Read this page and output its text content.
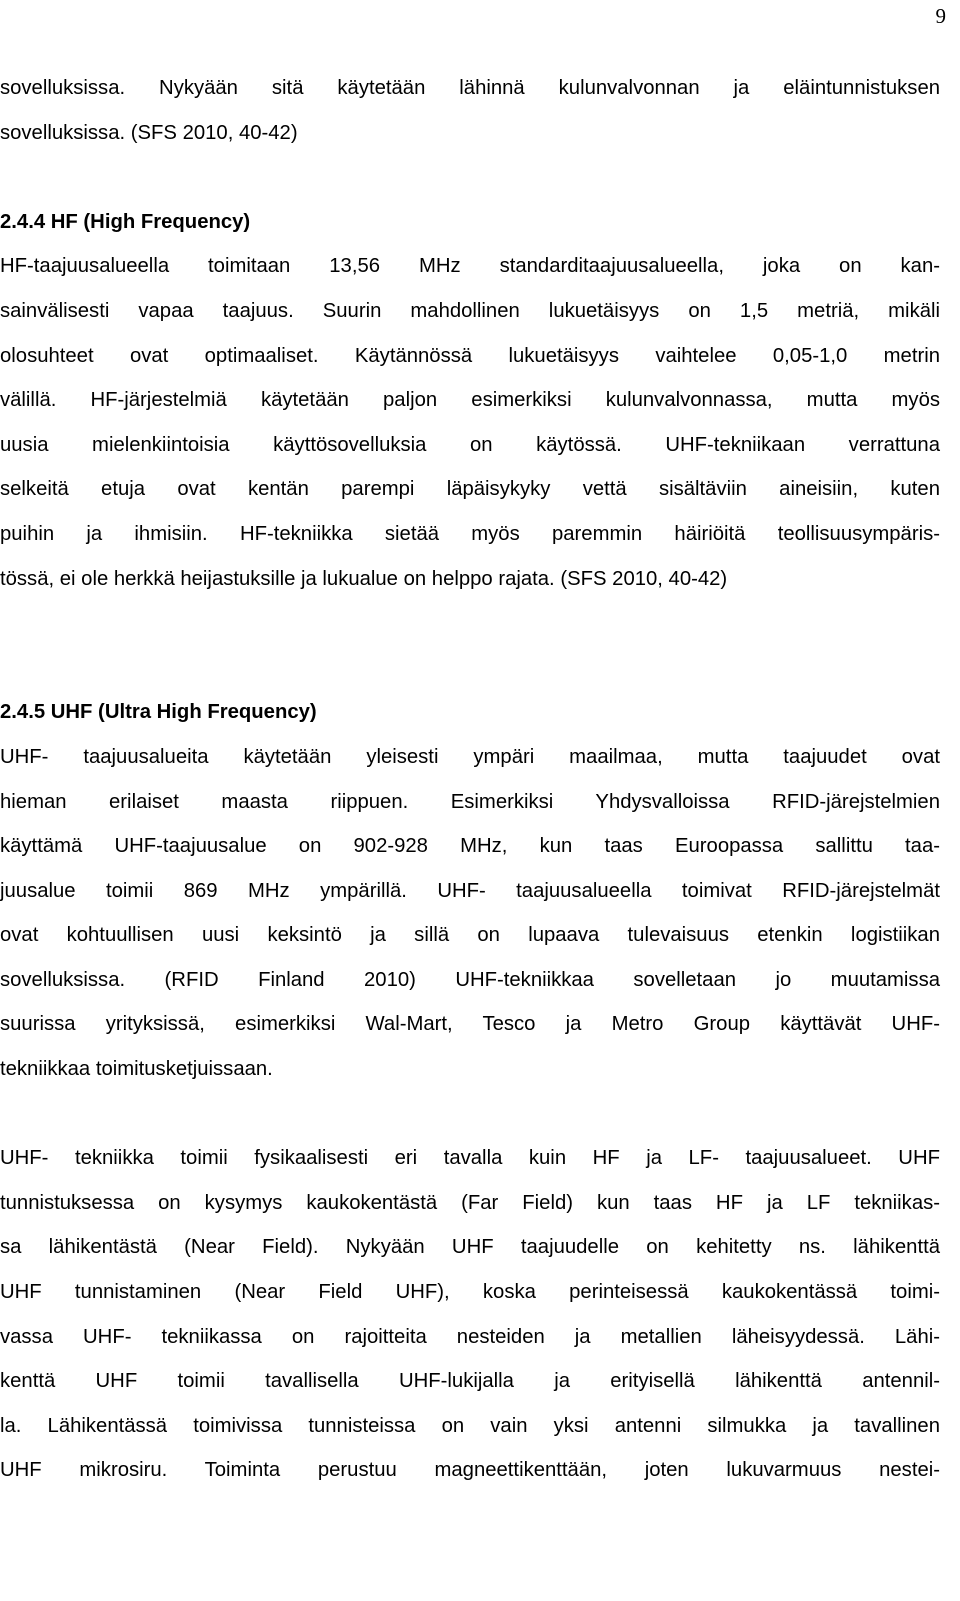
9
sovelluksissa. Nykyään sitä käytetään lähinnä kulunvalvonnan ja eläintunnistuksen
sovelluksissa. (SFS 2010, 40-42)
2.4.4 HF (High Frequency)
HF-taajuusalueella toimitaan 13,56 MHz standarditaajuusalueella, joka on kan-
sainvälisesti vapaa taajuus. Suurin mahdollinen lukuetäisyys on 1,5 metriä, mikäli
olosuhteet ovat optimaaliset. Käytännössä lukuetäisyys vaihtelee 0,05-1,0 metrin
välillä. HF-järjestelmiä käytetään paljon esimerkiksi kulunvalvonnassa, mutta myös
uusia mielenkiintoisia käyttösovelluksia on käytössä. UHF-tekniikaan verrattuna
selkeitä etuja ovat kentän parempi läpäisykyky vettä sisältäviin aineisiin, kuten
puihin ja ihmisiin. HF-tekniikka sietää myös paremmin häiriöitä teollisuusympäris-
tössä, ei ole herkkä heijastuksille ja lukualue on helppo rajata. (SFS 2010, 40-42)
2.4.5 UHF (Ultra High Frequency)
UHF- taajuusalueita käytetään yleisesti ympäri maailmaa, mutta taajuudet ovat
hieman erilaiset maasta riippuen. Esimerkiksi Yhdysvalloissa RFID-järejstelmien
käyttämä UHF-taajuusalue on 902-928 MHz, kun taas Euroopassa sallittu taa-
juusalue toimii 869 MHz ympärillä. UHF- taajuusalueella toimivat RFID-järejstelmät
ovat kohtuullisen uusi keksintö ja sillä on lupaava tulevaisuus etenkin logistiikan
sovelluksissa. (RFID Finland 2010) UHF-tekniikkaa sovelletaan jo muutamissa
suurissa yrityksissä, esimerkiksi Wal-Mart, Tesco ja Metro Group käyttävät UHF-
tekniikkaa toimitusketjuissaan.
UHF- tekniikka toimii fysikaalisesti eri tavalla kuin HF ja LF- taajuusalueet. UHF
tunnistuksessa on kysymys kaukokentästä (Far Field) kun taas HF ja LF tekniikas-
sa lähikentästä (Near Field). Nykyään UHF taajuudelle on kehitetty ns. lähikenttä
UHF tunnistaminen (Near Field UHF), koska perinteisessä kaukokentässä toimi-
vassa UHF- tekniikassa on rajoitteita nesteiden ja metallien läheisyydessä. Lähi-
kenttä UHF toimii tavallisella UHF-lukijalla ja erityisellä lähikenttä antennil-
la. Lähikentässä toimivissa tunnisteissa on vain yksi antenni silmukka ja tavallinen
UHF mikrosiru. Toiminta perustuu magneettikenttään, joten lukuvarmuus nestei-
